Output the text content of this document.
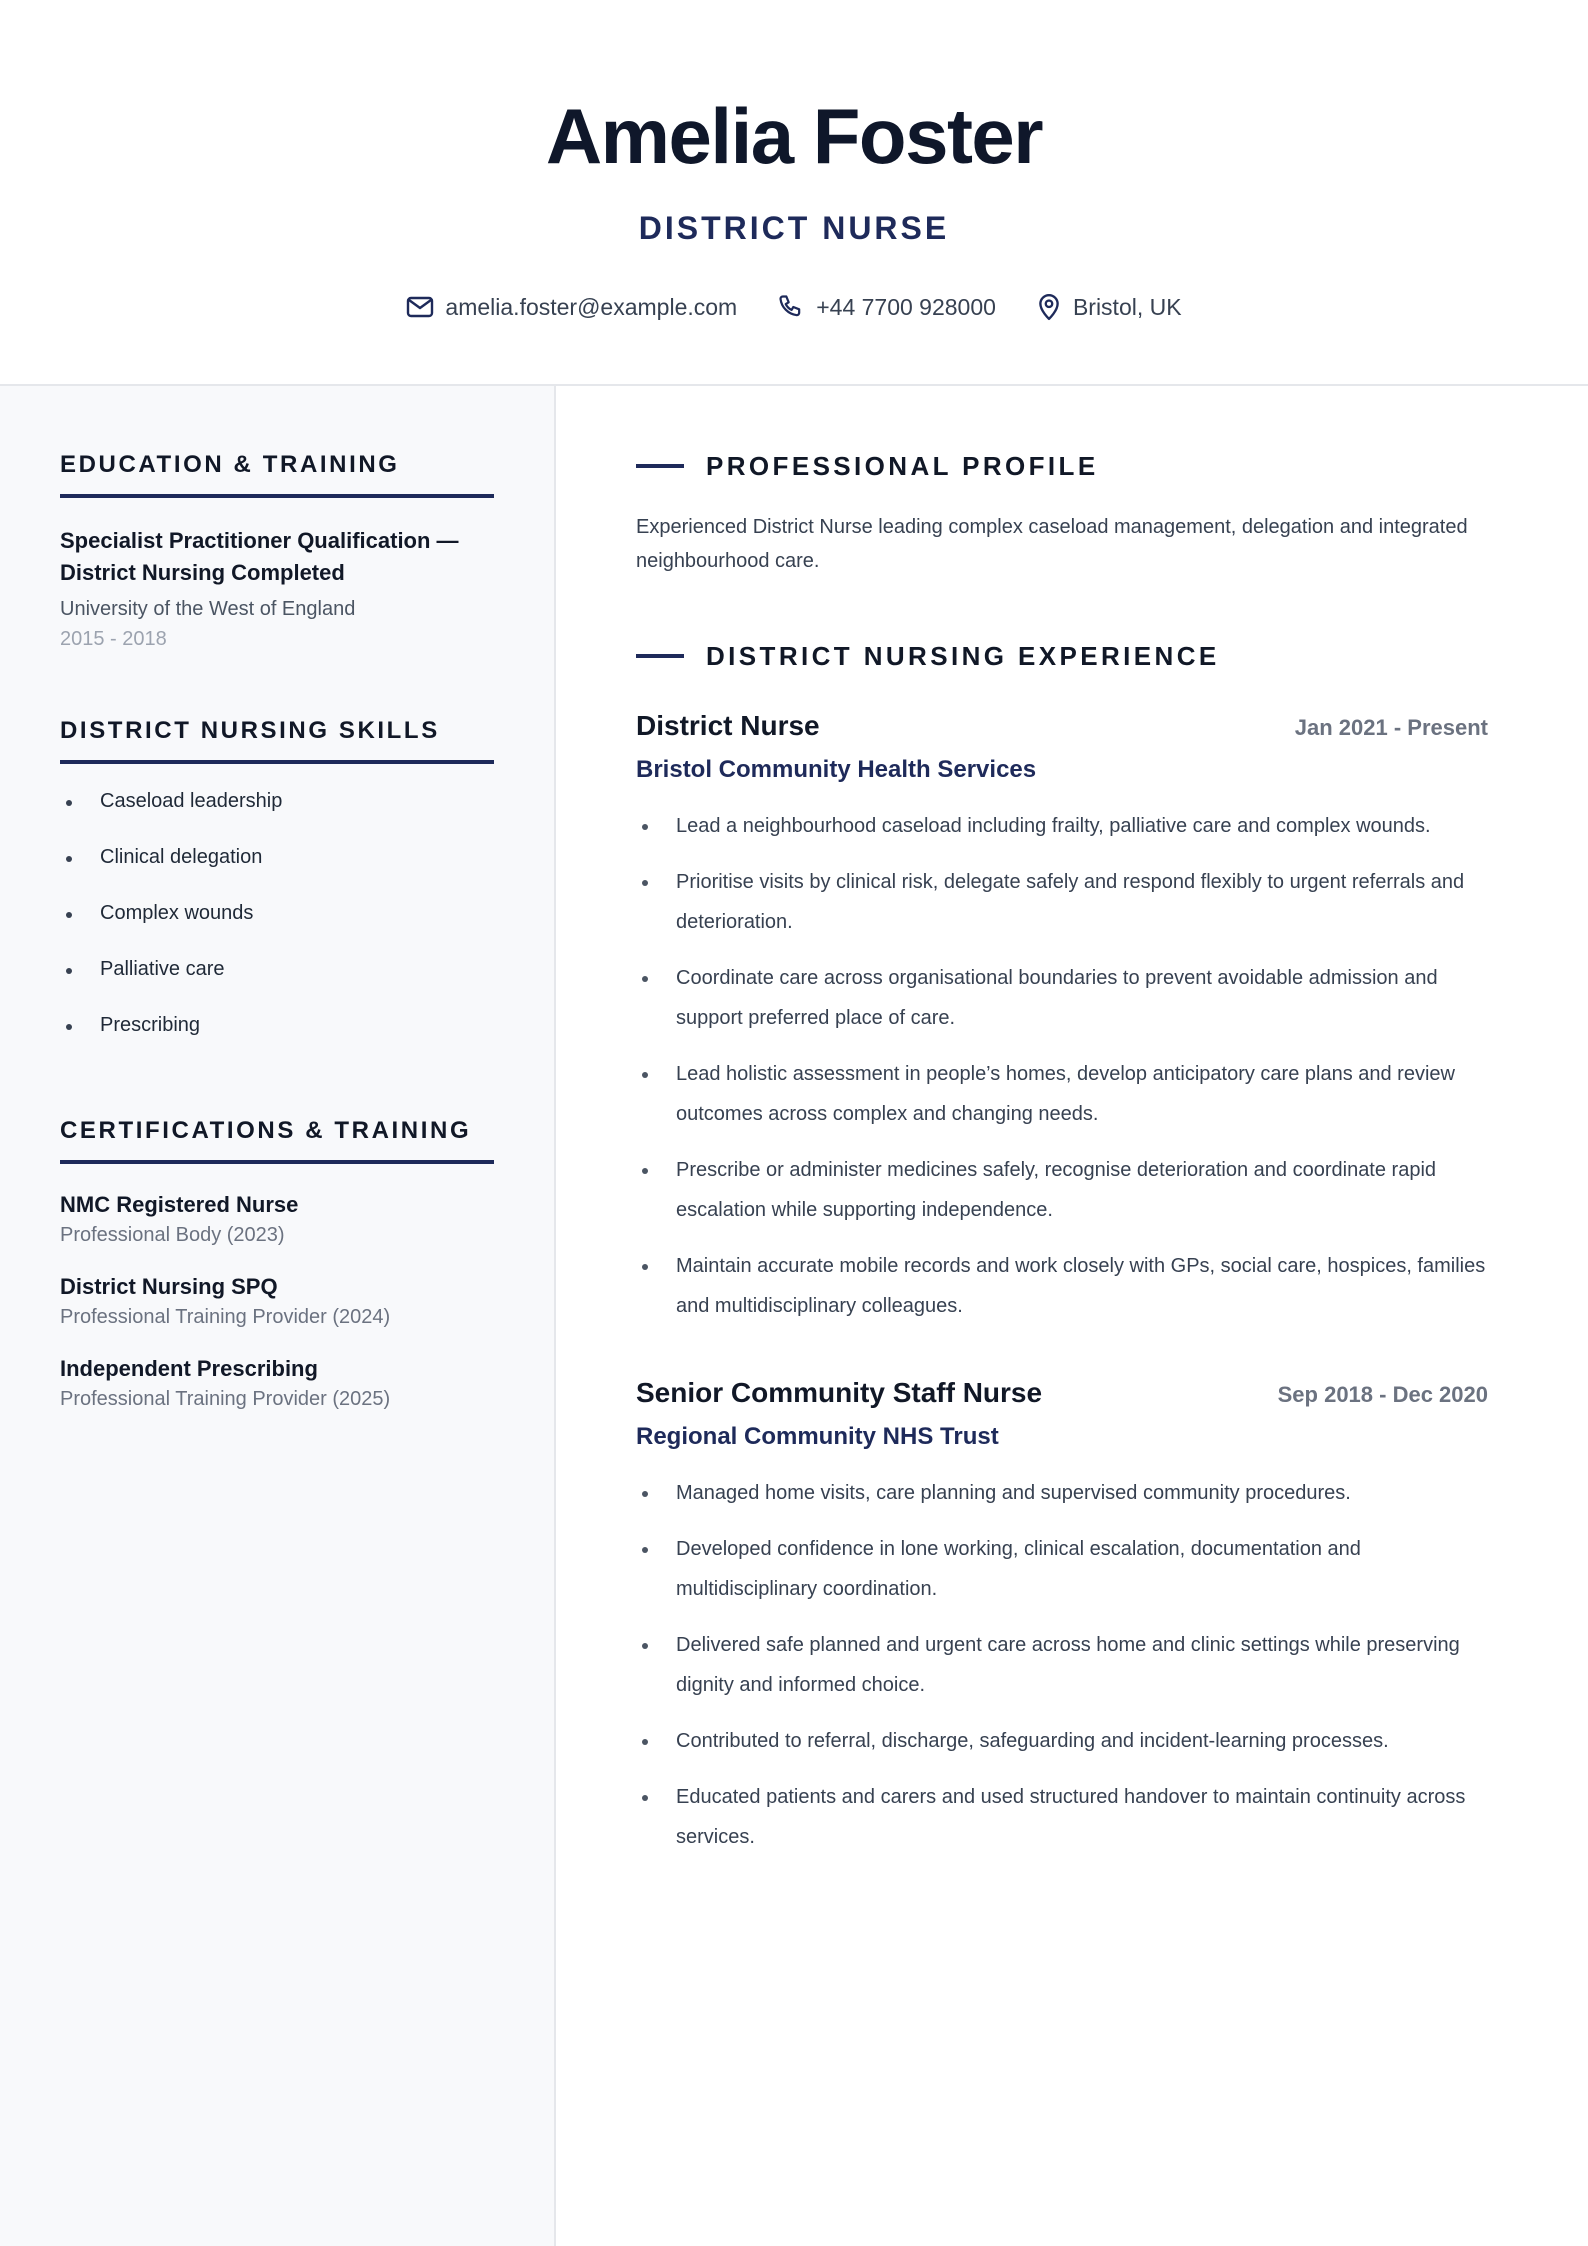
Amelia Foster
DISTRICT NURSE
amelia.foster@example.com	+44 7700 928000	Bristol, UK
EDUCATION & TRAINING
Specialist Practitioner Qualification — District Nursing Completed
University of the West of England
2015 - 2018
DISTRICT NURSING SKILLS
Caseload leadership
Clinical delegation
Complex wounds
Palliative care
Prescribing
CERTIFICATIONS & TRAINING
NMC Registered Nurse
Professional Body (2023)
District Nursing SPQ
Professional Training Provider (2024)
Independent Prescribing
Professional Training Provider (2025)
PROFESSIONAL PROFILE

Experienced District Nurse leading complex caseload management, delegation and integrated neighbourhood care.

DISTRICT NURSING EXPERIENCE
District Nurse	Jan 2021 - Present
Bristol Community Health Services
Lead a neighbourhood caseload including frailty, palliative care and complex wounds.
Prioritise visits by clinical risk, delegate safely and respond flexibly to urgent referrals and deterioration.
Coordinate care across organisational boundaries to prevent avoidable admission and support preferred place of care.
Lead holistic assessment in people’s homes, develop anticipatory care plans and review outcomes across complex and changing needs.
Prescribe or administer medicines safely, recognise deterioration and coordinate rapid escalation while supporting independence.
Maintain accurate mobile records and work closely with GPs, social care, hospices, families and multidisciplinary colleagues.
Senior Community Staff Nurse	Sep 2018 - Dec 2020
Regional Community NHS Trust
Managed home visits, care planning and supervised community procedures.
Developed confidence in lone working, clinical escalation, documentation and multidisciplinary coordination.
Delivered safe planned and urgent care across home and clinic settings while preserving dignity and informed choice.
Contributed to referral, discharge, safeguarding and incident-learning processes.
Educated patients and carers and used structured handover to maintain continuity across services.
